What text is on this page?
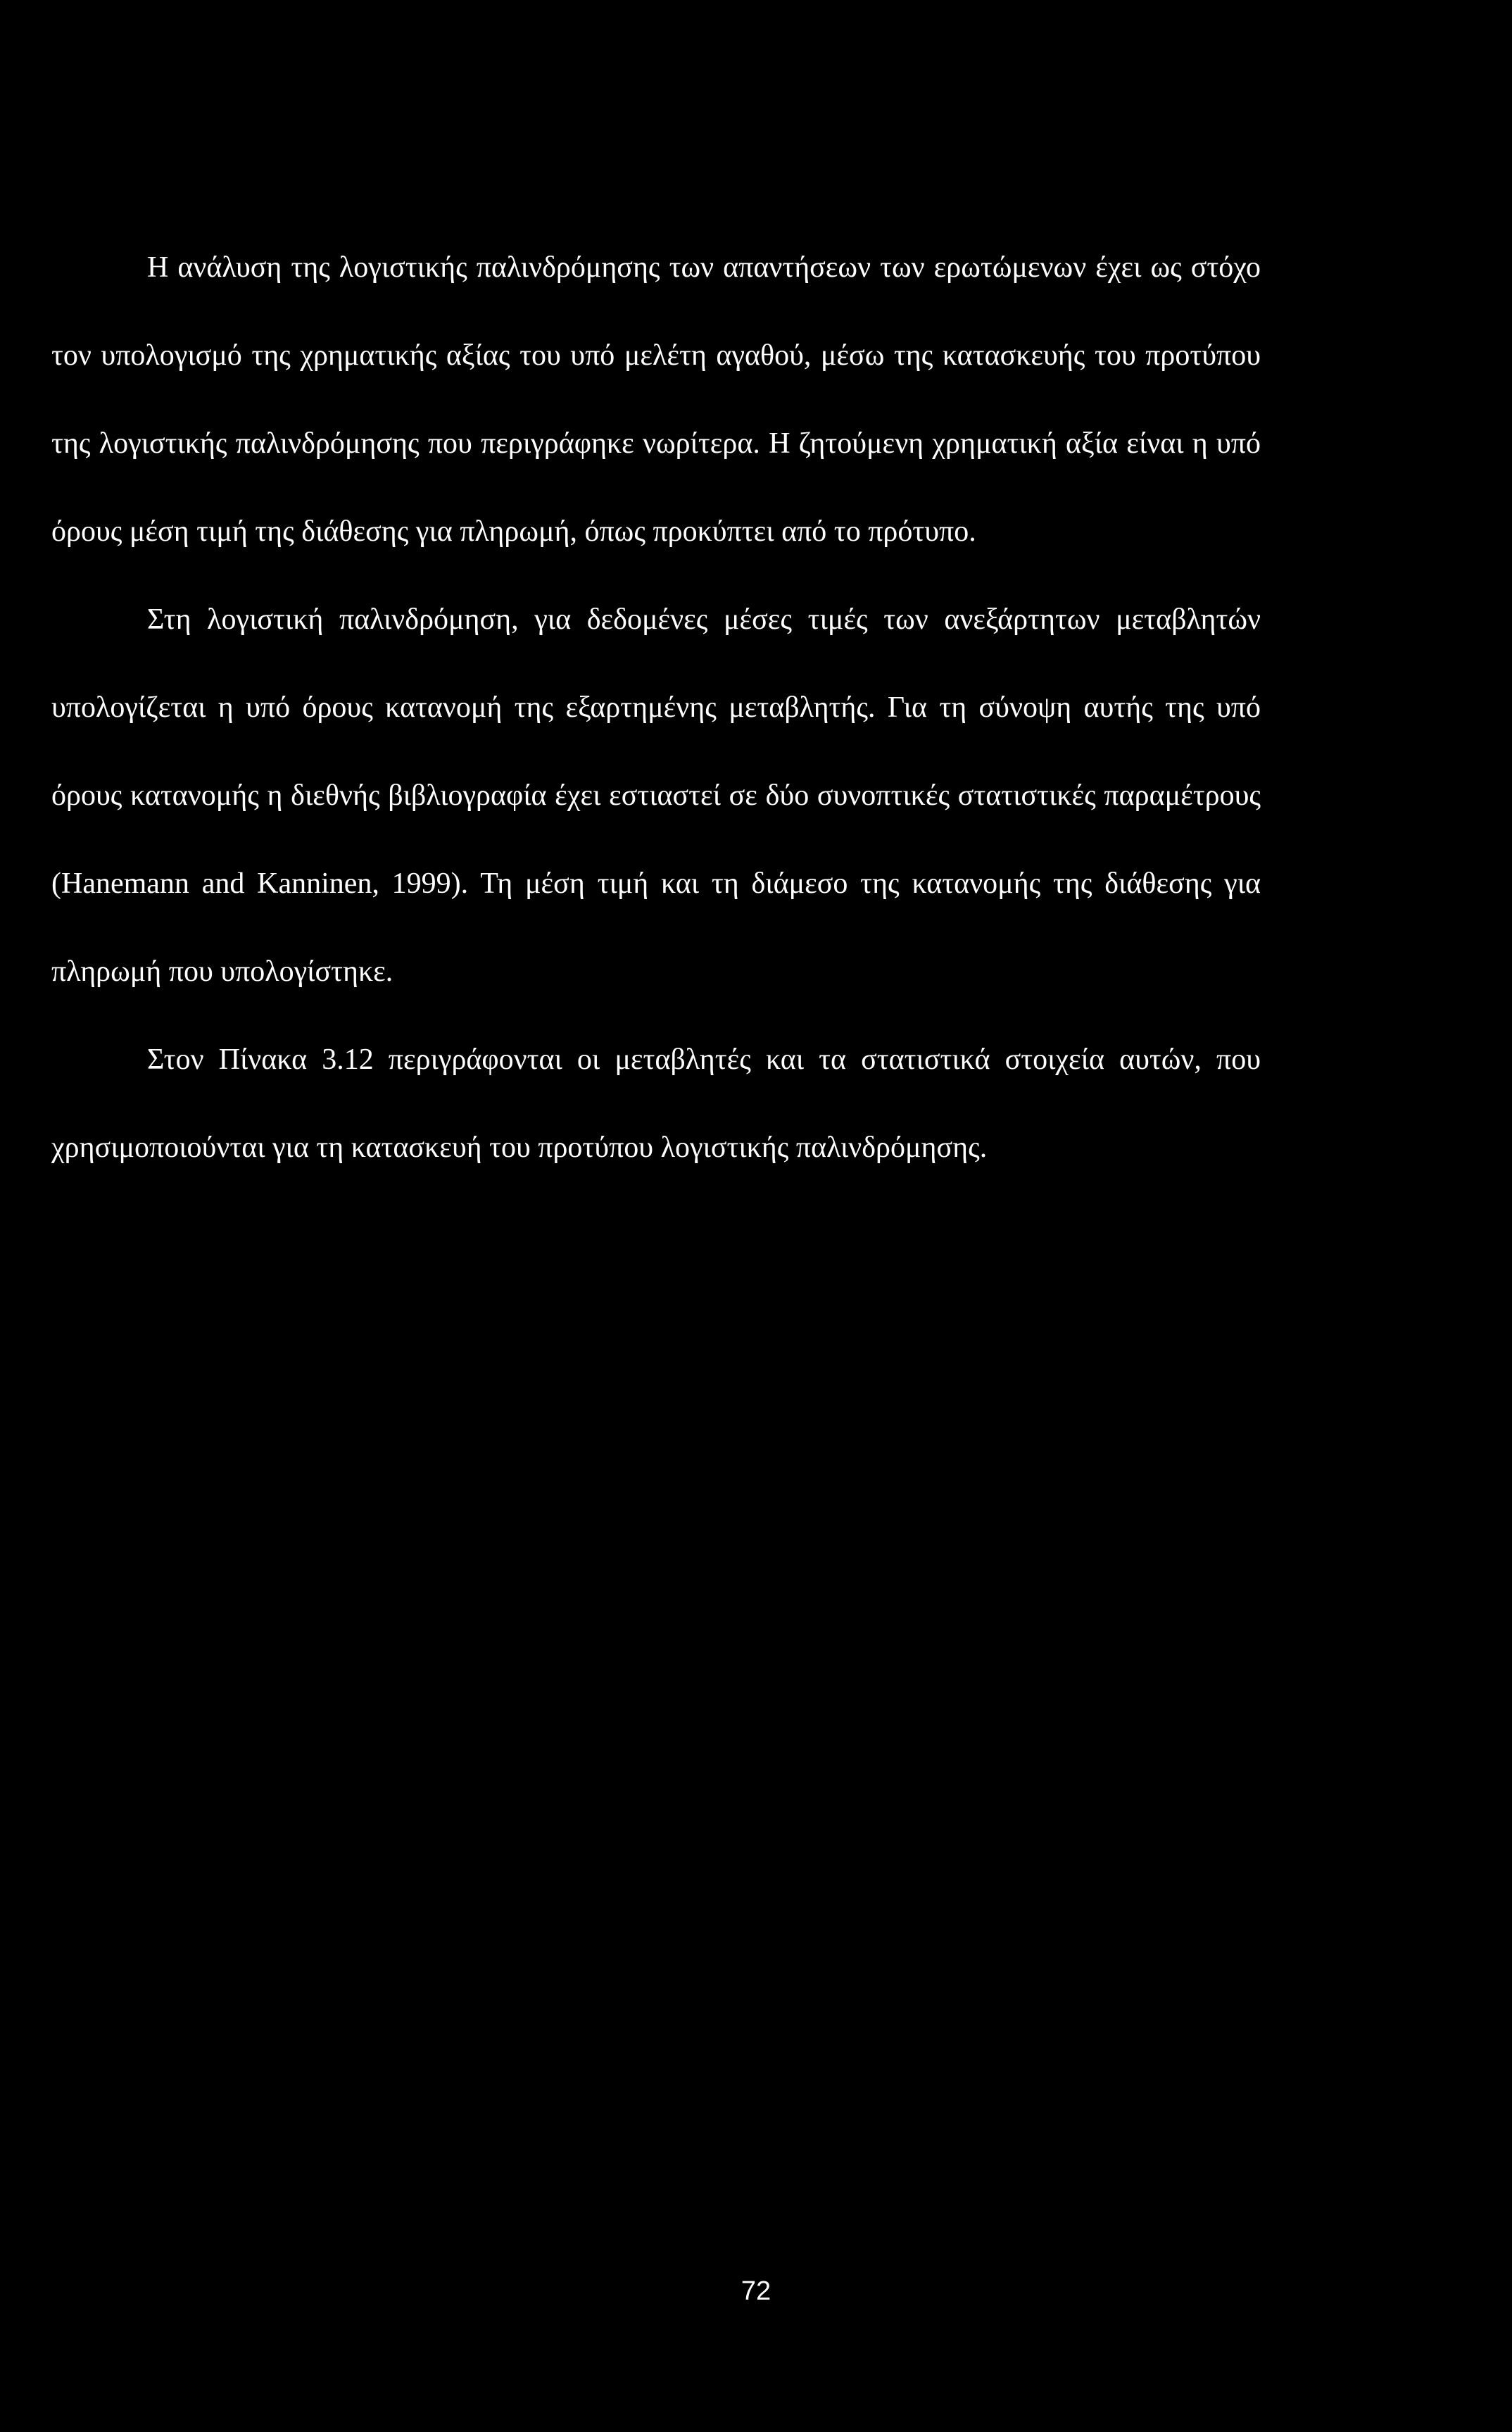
Η ανάλυση της λογιστικής παλινδρόμησης των απαντήσεων των ερωτώμενων έχει ως στόχο τον υπολογισμό της χρηματικής αξίας του υπό μελέτη αγαθού, μέσω της κατασκευής του προτύπου της λογιστικής παλινδρόμησης που περιγράφηκε νωρίτερα. Η ζητούμενη χρηματική αξία είναι η υπό όρους μέση τιμή της διάθεσης για πληρωμή, όπως προκύπτει από το πρότυπο.

Στη λογιστική παλινδρόμηση, για δεδομένες μέσες τιμές των ανεξάρτητων μεταβλητών υπολογίζεται η υπό όρους κατανομή της εξαρτημένης μεταβλητής. Για τη σύνοψη αυτής της υπό όρους κατανομής η διεθνής βιβλιογραφία έχει εστιαστεί σε δύο συνοπτικές στατιστικές παραμέτρους (Hanemann and Kanninen, 1999). Τη μέση τιμή και τη διάμεσο της κατανομής της διάθεσης για πληρωμή που υπολογίστηκε.

Στον Πίνακα 3.12 περιγράφονται οι μεταβλητές και τα στατιστικά στοιχεία αυτών, που χρησιμοποιούνται για τη κατασκευή του προτύπου λογιστικής παλινδρόμησης.

72
